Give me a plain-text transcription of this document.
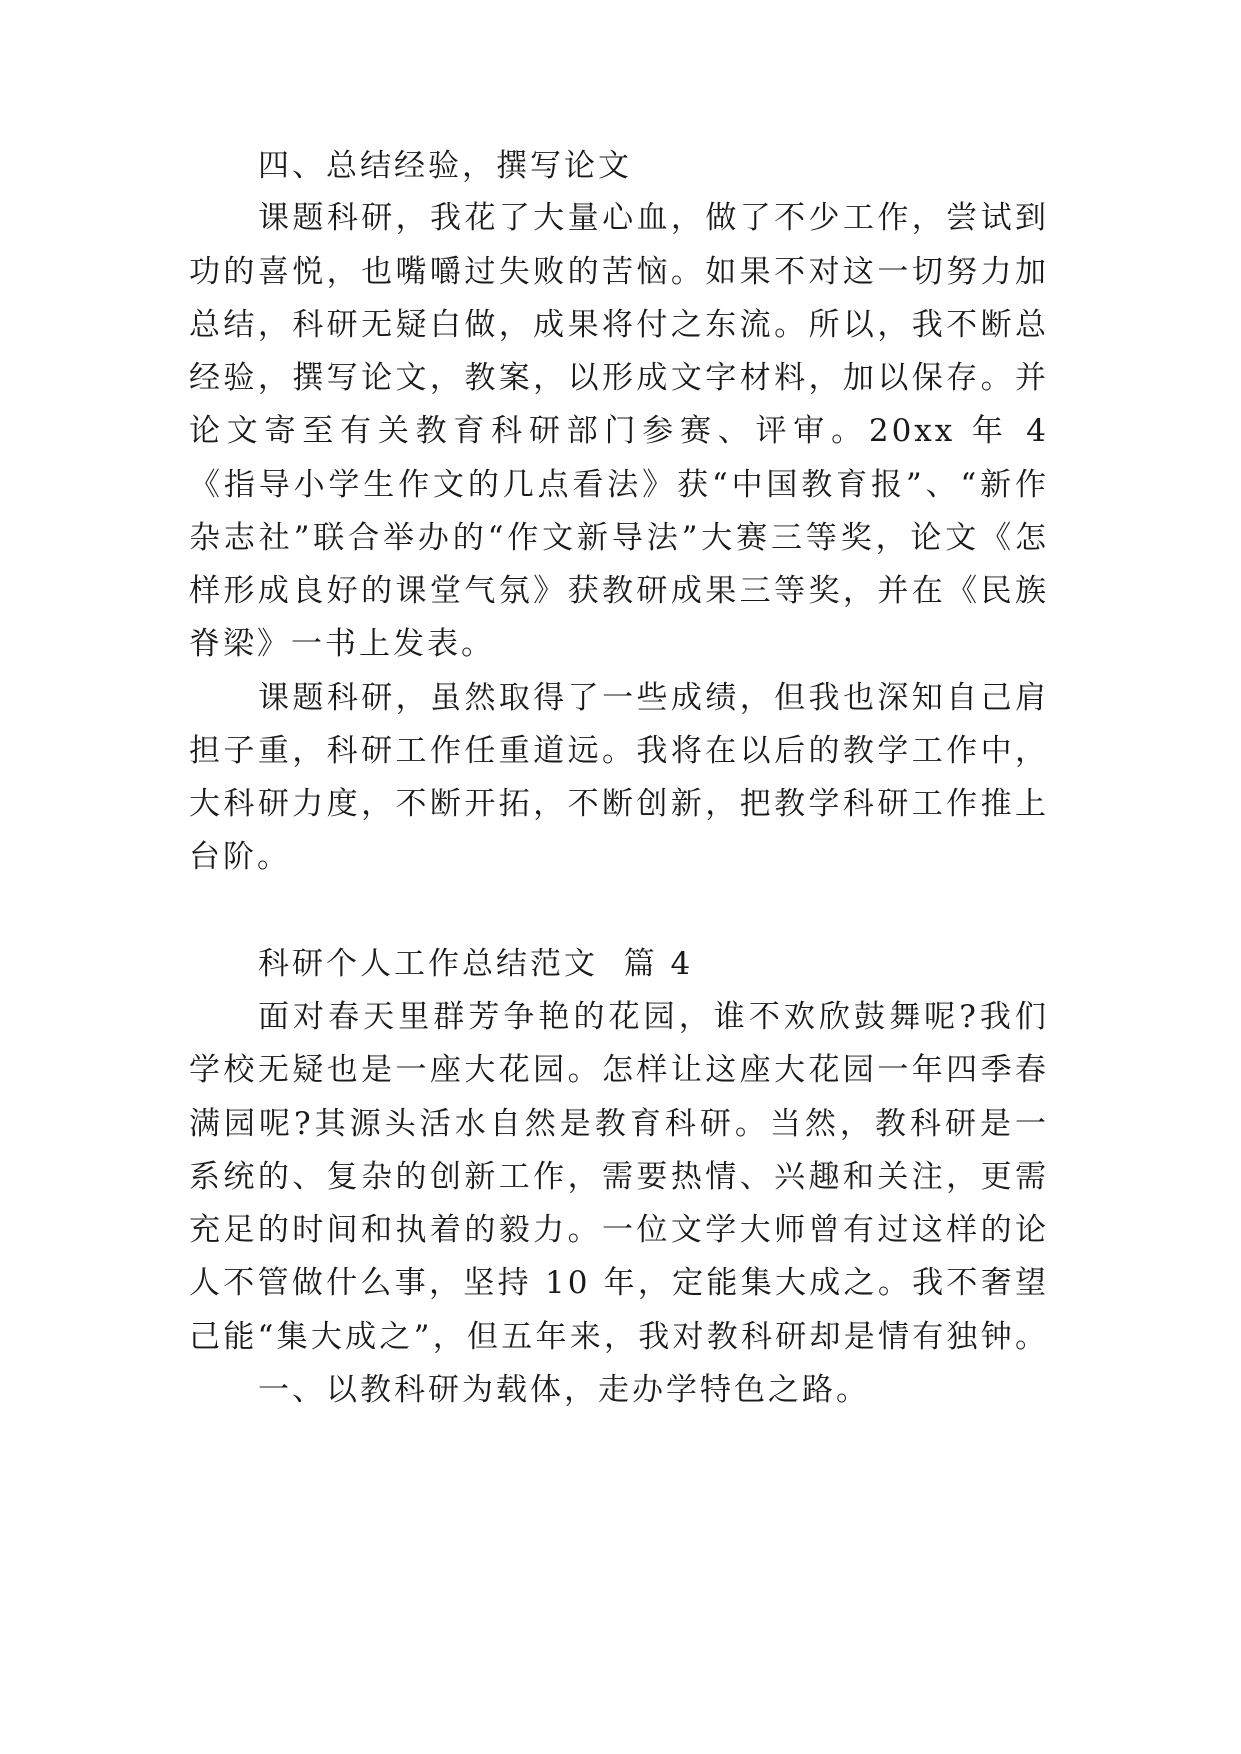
四、总结经验，撰写论文
课题科研，我花了大量心血，做了不少工作，尝试到
功的喜悦，也嘴嚼过失败的苦恼。如果不对这一切努力加
总结，科研无疑白做，成果将付之东流。所以，我不断总
经验，撰写论文，教案，以形成文字材料，加以保存。并
论文寄至有关教育科研部门参赛、评审。20xx 年 4
《指导小学生作文的几点看法》获“中国教育报”、“新作
杂志社”联合举办的“作文新导法”大赛三等奖，论文《怎
样形成良好的课堂气氛》获教研成果三等奖，并在《民族
脊梁》一书上发表。
课题科研，虽然取得了一些成绩，但我也深知自己肩
担子重，科研工作任重道远。我将在以后的教学工作中，
大科研力度，不断开拓，不断创新，把教学科研工作推上
台阶。
科研个人工作总结范文  篇 4
面对春天里群芳争艳的花园，谁不欢欣鼓舞呢?我们
学校无疑也是一座大花园。怎样让这座大花园一年四季春
满园呢?其源头活水自然是教育科研。当然，教科研是一
系统的、复杂的创新工作，需要热情、兴趣和关注，更需
充足的时间和执着的毅力。一位文学大师曾有过这样的论
人不管做什么事，坚持 10 年，定能集大成之。我不奢望
己能“集大成之”，但五年来，我对教科研却是情有独钟。
一、以教科研为载体，走办学特色之路。
